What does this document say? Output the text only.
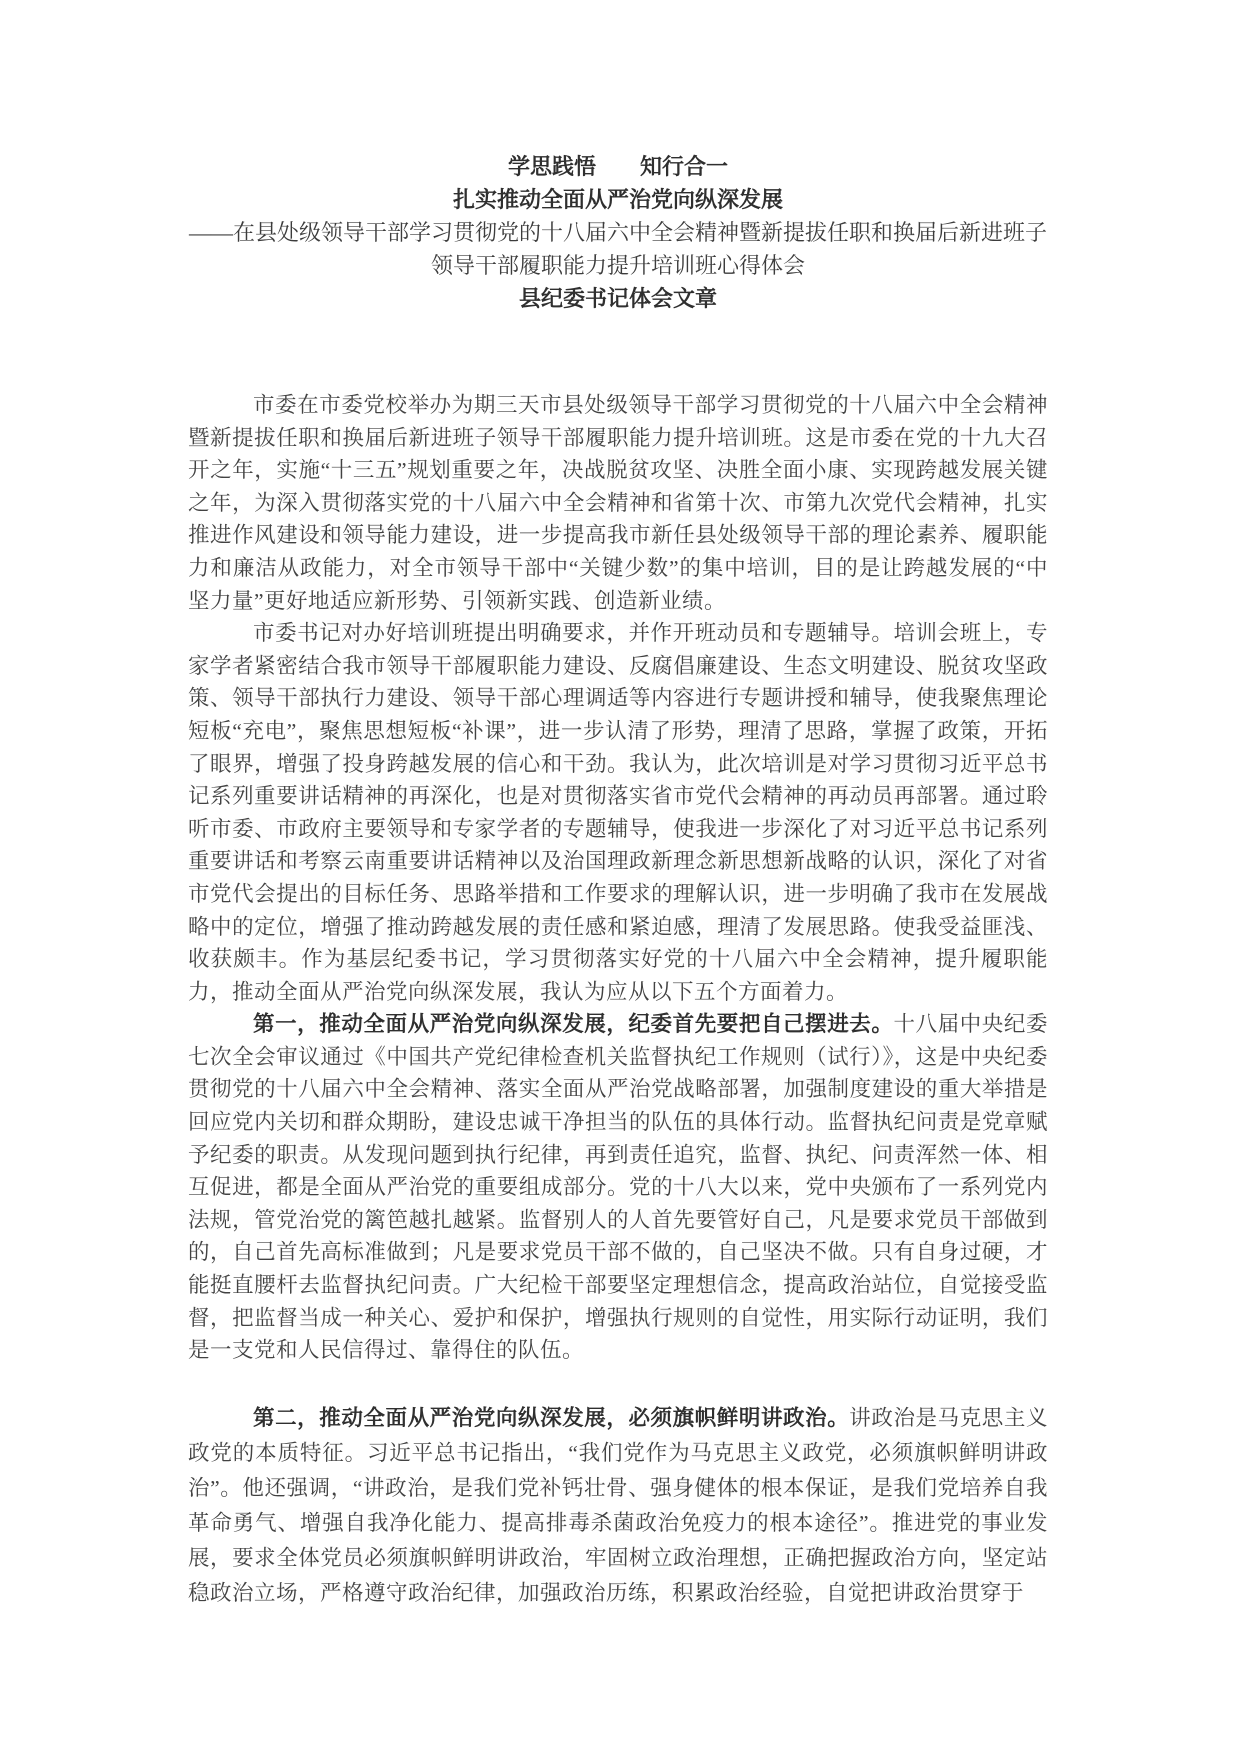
学思践悟　　知行合一
扎实推动全面从严治党向纵深发展
——在县处级领导干部学习贯彻党的十八届六中全会精神暨新提拔任职和换届后新进班子
领导干部履职能力提升培训班心得体会
县纪委书记体会文章

市委在市委党校举办为期三天市县处级领导干部学习贯彻党的十八届六中全会精神暨新提拔任职和换届后新进班子领导干部履职能力提升培训班。这是市委在党的十九大召开之年，实施“十三五”规划重要之年，决战脱贫攻坚、决胜全面小康、实现跨越发展关键之年，为深入贯彻落实党的十八届六中全会精神和省第十次、市第九次党代会精神，扎实推进作风建设和领导能力建设，进一步提高我市新任县处级领导干部的理论素养、履职能力和廉洁从政能力，对全市领导干部中“关键少数”的集中培训，目的是让跨越发展的“中坚力量”更好地适应新形势、引领新实践、创造新业绩。

市委书记对办好培训班提出明确要求，并作开班动员和专题辅导。培训会班上，专家学者紧密结合我市领导干部履职能力建设、反腐倡廉建设、生态文明建设、脱贫攻坚政策、领导干部执行力建设、领导干部心理调适等内容进行专题讲授和辅导，使我聚焦理论短板“充电”，聚焦思想短板“补课”，进一步认清了形势，理清了思路，掌握了政策，开拓了眼界，增强了投身跨越发展的信心和干劲。我认为，此次培训是对学习贯彻习近平总书记系列重要讲话精神的再深化，也是对贯彻落实省市党代会精神的再动员再部署。通过聆听市委、市政府主要领导和专家学者的专题辅导，使我进一步深化了对习近平总书记系列重要讲话和考察云南重要讲话精神以及治国理政新理念新思想新战略的认识，深化了对省市党代会提出的目标任务、思路举措和工作要求的理解认识，进一步明确了我市在发展战略中的定位，增强了推动跨越发展的责任感和紧迫感，理清了发展思路。使我受益匪浅、收获颇丰。作为基层纪委书记，学习贯彻落实好党的十八届六中全会精神，提升履职能力，推动全面从严治党向纵深发展，我认为应从以下五个方面着力。

第一，推动全面从严治党向纵深发展，纪委首先要把自己摆进去。十八届中央纪委七次全会审议通过《中国共产党纪律检查机关监督执纪工作规则（试行）》，这是中央纪委贯彻党的十八届六中全会精神、落实全面从严治党战略部署，加强制度建设的重大举措是回应党内关切和群众期盼，建设忠诚干净担当的队伍的具体行动。监督执纪问责是党章赋予纪委的职责。从发现问题到执行纪律，再到责任追究，监督、执纪、问责浑然一体、相互促进，都是全面从严治党的重要组成部分。党的十八大以来，党中央颁布了一系列党内法规，管党治党的篱笆越扎越紧。监督别人的人首先要管好自己，凡是要求党员干部做到的，自己首先高标准做到；凡是要求党员干部不做的，自己坚决不做。只有自身过硬，才能挺直腰杆去监督执纪问责。广大纪检干部要坚定理想信念，提高政治站位，自觉接受监督，把监督当成一种关心、爱护和保护，增强执行规则的自觉性，用实际行动证明，我们是一支党和人民信得过、靠得住的队伍。

第二，推动全面从严治党向纵深发展，必须旗帜鲜明讲政治。讲政治是马克思主义政党的本质特征。习近平总书记指出，“我们党作为马克思主义政党，必须旗帜鲜明讲政治”。他还强调，“讲政治，是我们党补钙壮骨、强身健体的根本保证，是我们党培养自我革命勇气、增强自我净化能力、提高排毒杀菌政治免疫力的根本途径”。推进党的事业发展，要求全体党员必须旗帜鲜明讲政治，牢固树立政治理想，正确把握政治方向，坚定站稳政治立场，严格遵守政治纪律，加强政治历练，积累政治经验，自觉把讲政治贯穿于
